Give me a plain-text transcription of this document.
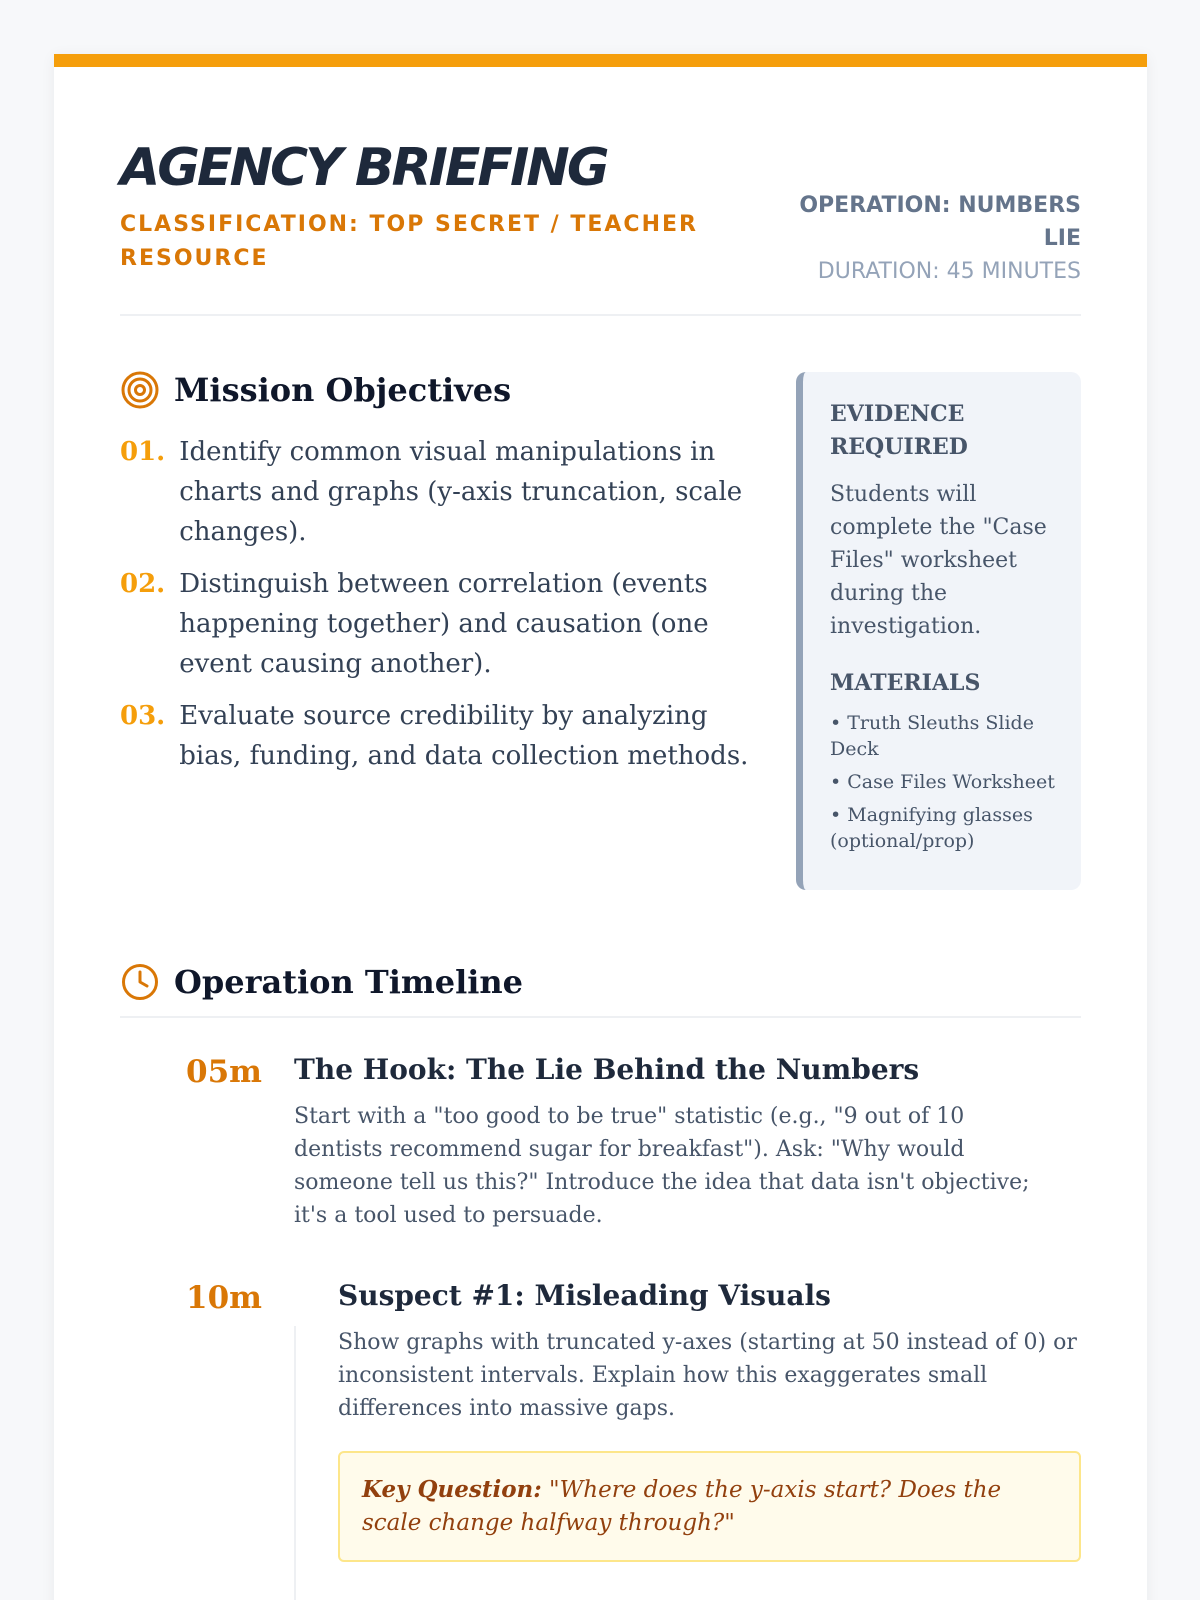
AGENCY BRIEFING
CLASSIFICATION: TOP SECRET / TEACHER RESOURCE
OPERATION: NUMBERS LIE
DURATION: 45 MINUTES
Mission Objectives
01. Identify common visual manipulations in charts and graphs (y-axis truncation, scale changes).
02. Distinguish between correlation (events happening together) and causation (one event causing another).
03. Evaluate source credibility by analyzing bias, funding, and data collection methods.
EVIDENCE REQUIRED
Students will complete the "Case Files" worksheet during the investigation.
MATERIALS
• Truth Sleuths Slide Deck
• Case Files Worksheet
• Magnifying glasses (optional/prop)
Operation Timeline
05m The Hook: The Lie Behind the Numbers
Start with a "too good to be true" statistic (e.g., "9 out of 10 dentists recommend sugar for breakfast"). Ask: "Why would someone tell us this?" Introduce the idea that data isn't objective; it's a tool used to persuade.
10m	Suspect #1: Misleading Visuals
Show graphs with truncated y-axes (starting at 50 instead of 0) or inconsistent intervals. Explain how this exaggerates small differences into massive gaps.
Key Question: "Where does the y-axis start? Does the scale change halfway through?"
